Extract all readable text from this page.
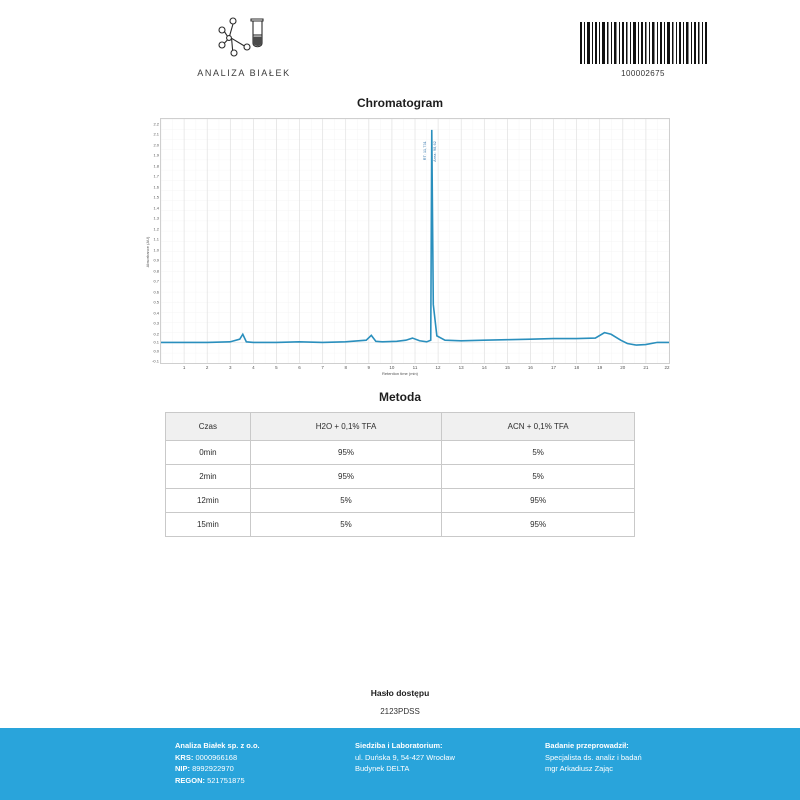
ANALIZA BIAŁEK	100002675
Chromatogram
Absorbance (AU)
2.2
2.1
2.0
1.9
1.8
1.7
1.6
1.5
1.4
1.3
1.2
1.1
1.0
0.9
0.8
0.7
0.6
0.5
0.4
0.3
0.2
0.1
0.0
-0.1
1	2	3	4	5	6	7	8	9	10	11	12	13	14	15	16	17	18	19	20	21	22
RT: 11,731 Area: 98,62
Retention time (min)
Metoda
Czas	H2O + 0,1% TFA	ACN + 0,1% TFA
0min	95%	5%
2min	95%	5%
12min	5%	95%
15min	5%	95%
Hasło dostępu
2123PDSS
Analiza Białek sp. z o.o.
KRS: 0000966168
NIP: 8992922970
REGON: 521751875
Siedziba i Laboratorium:
ul. Duńska 9, 54-427 Wrocław
Budynek DELTA
Badanie przeprowadził:
Specjalista ds. analiz i badań
mgr Arkadiusz Zając
